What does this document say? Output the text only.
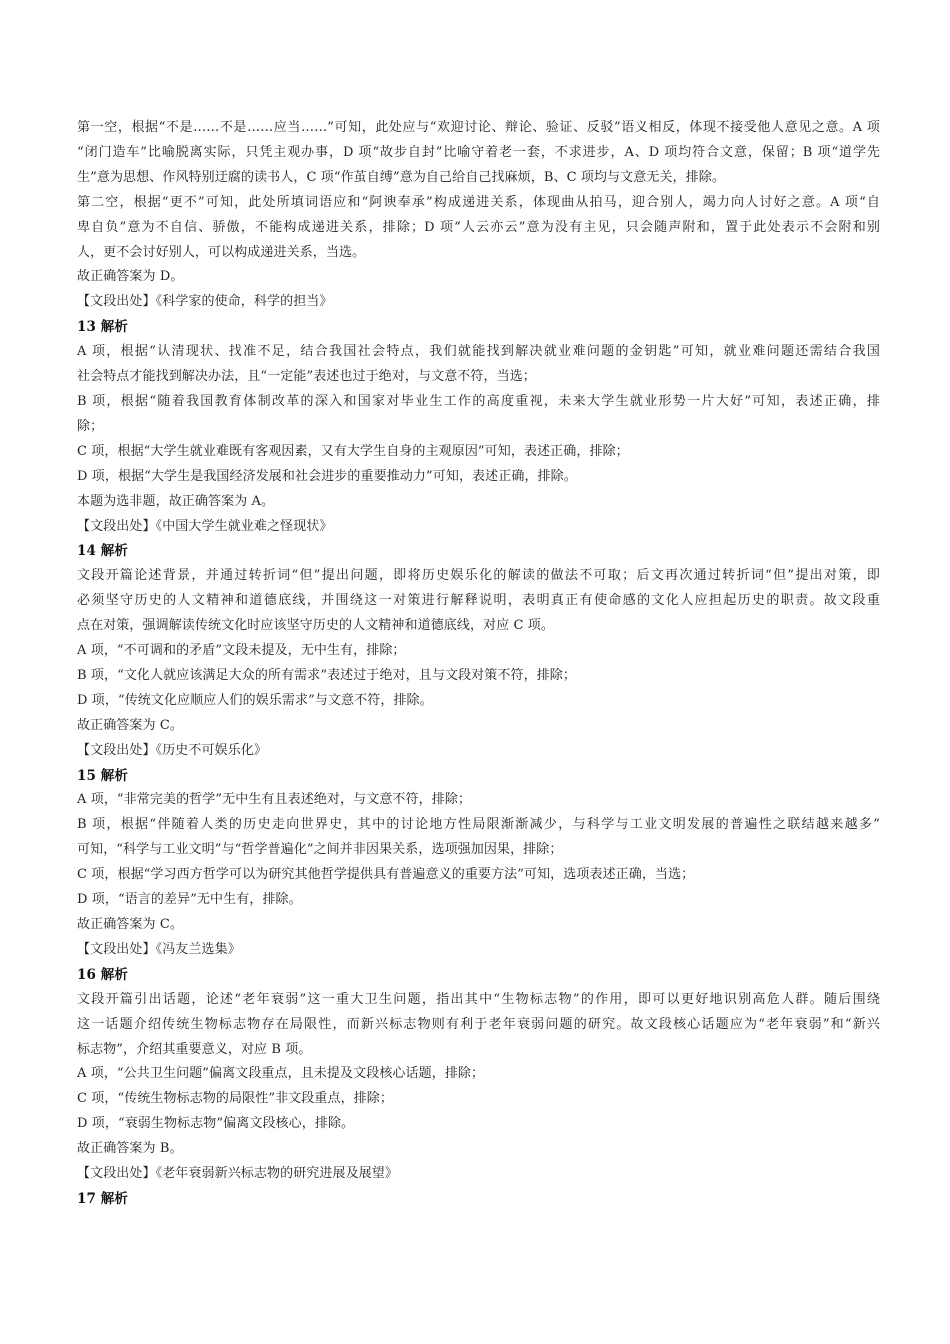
第一空，根据“不是……不是……应当……”可知，此处应与“欢迎讨论、辩论、验证、反驳”语义相反，体现不接受他人意见之意。A 项
“闭门造车”比喻脱离实际，只凭主观办事，D 项“故步自封”比喻守着老一套，不求进步，A、D 项均符合文意，保留；B 项“道学先
生”意为思想、作风特别迂腐的读书人，C 项“作茧自缚”意为自己给自己找麻烦，B、C 项均与文意无关，排除。
第二空，根据“更不”可知，此处所填词语应和“阿谀奉承”构成递进关系，体现曲从拍马，迎合别人，竭力向人讨好之意。A 项“自
卑自负”意为不自信、骄傲，不能构成递进关系，排除；D 项“人云亦云”意为没有主见，只会随声附和，置于此处表示不会附和别
人，更不会讨好别人，可以构成递进关系，当选。
故正确答案为 D。
【文段出处】《科学家的使命，科学的担当》
13 解析
A 项，根据“认清现状、找准不足，结合我国社会特点，我们就能找到解决就业难问题的金钥匙”可知，就业难问题还需结合我国
社会特点才能找到解决办法，且“一定能”表述也过于绝对，与文意不符，当选；
B 项，根据“随着我国教育体制改革的深入和国家对毕业生工作的高度重视，未来大学生就业形势一片大好”可知，表述正确，排
除；
C 项，根据“大学生就业难既有客观因素，又有大学生自身的主观原因”可知，表述正确，排除；
D 项，根据“大学生是我国经济发展和社会进步的重要推动力”可知，表述正确，排除。
本题为选非题，故正确答案为 A。
【文段出处】《中国大学生就业难之怪现状》
14 解析
文段开篇论述背景，并通过转折词“但”提出问题，即将历史娱乐化的解读的做法不可取；后文再次通过转折词“但”提出对策，即
必须坚守历史的人文精神和道德底线，并围绕这一对策进行解释说明，表明真正有使命感的文化人应担起历史的职责。故文段重
点在对策，强调解读传统文化时应该坚守历史的人文精神和道德底线，对应 C 项。
A 项，“不可调和的矛盾”文段未提及，无中生有，排除；
B 项，“文化人就应该满足大众的所有需求”表述过于绝对，且与文段对策不符，排除；
D 项，“传统文化应顺应人们的娱乐需求”与文意不符，排除。
故正确答案为 C。
【文段出处】《历史不可娱乐化》
15 解析
A 项，“非常完美的哲学”无中生有且表述绝对，与文意不符，排除；
B 项，根据“伴随着人类的历史走向世界史，其中的讨论地方性局限渐渐减少，与科学与工业文明发展的普遍性之联结越来越多”
可知，“科学与工业文明”与“哲学普遍化”之间并非因果关系，选项强加因果，排除；
C 项，根据“学习西方哲学可以为研究其他哲学提供具有普遍意义的重要方法”可知，选项表述正确，当选；
D 项，“语言的差异”无中生有，排除。
故正确答案为 C。
【文段出处】《冯友兰选集》
16 解析
文段开篇引出话题，论述“老年衰弱”这一重大卫生问题，指出其中“生物标志物”的作用，即可以更好地识别高危人群。随后围绕
这一话题介绍传统生物标志物存在局限性，而新兴标志物则有利于老年衰弱问题的研究。故文段核心话题应为“老年衰弱”和“新兴
标志物”，介绍其重要意义，对应 B 项。
A 项，“公共卫生问题”偏离文段重点，且未提及文段核心话题，排除；
C 项，“传统生物标志物的局限性”非文段重点，排除；
D 项，“衰弱生物标志物”偏离文段核心，排除。
故正确答案为 B。
【文段出处】《老年衰弱新兴标志物的研究进展及展望》
17 解析
